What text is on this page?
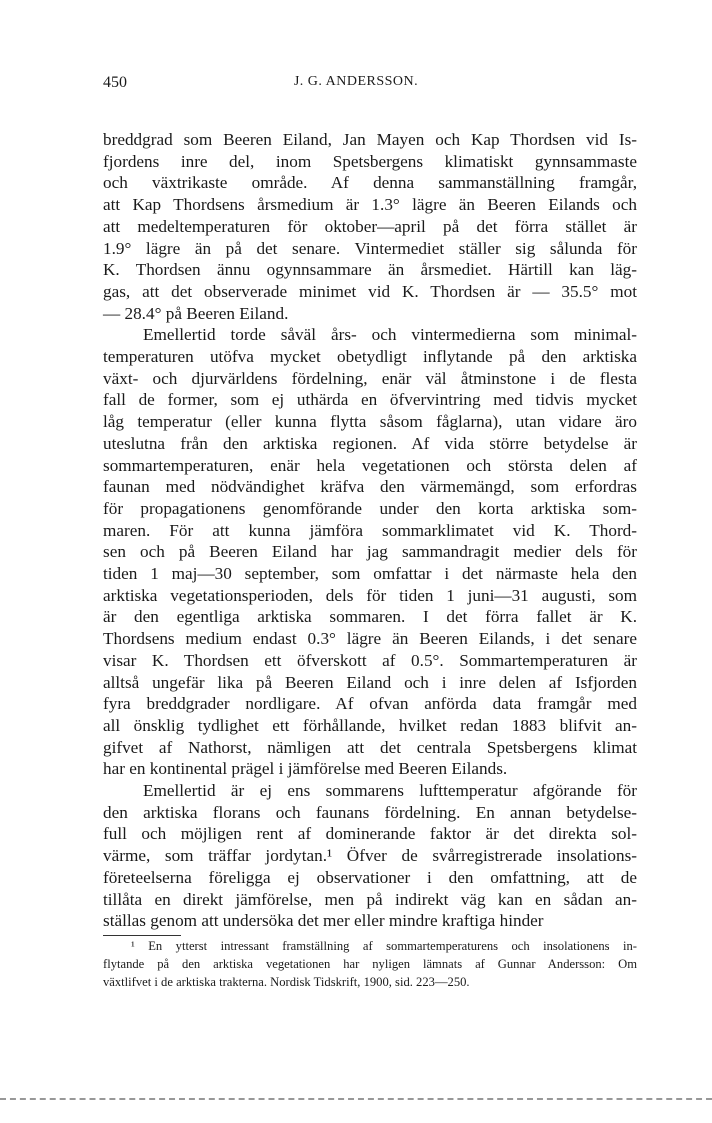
450	J. G. ANDERSSON.
breddgrad som Beeren Eiland, Jan Mayen och Kap Thordsen vid Is-
fjordens inre del, inom Spetsbergens klimatiskt gynnsammaste
och växtrikaste område. Af denna sammanställning framgår,
att Kap Thordsens årsmedium är 1.3° lägre än Beeren Eilands och
att medeltemperaturen för oktober—april på det förra stället är
1.9° lägre än på det senare. Vintermediet ställer sig sålunda för
K. Thordsen ännu ogynnsammare än årsmediet. Härtill kan läg-
gas, att det observerade minimet vid K. Thordsen är — 35.5° mot
— 28.4° på Beeren Eiland.
Emellertid torde såväl års- och vintermedierna som minimal-
temperaturen utöfva mycket obetydligt inflytande på den arktiska
växt- och djurvärldens fördelning, enär väl åtminstone i de flesta
fall de former, som ej uthärda en öfvervintring med tidvis mycket
låg temperatur (eller kunna flytta såsom fåglarna), utan vidare äro
uteslutna från den arktiska regionen. Af vida större betydelse är
sommartemperaturen, enär hela vegetationen och största delen af
faunan med nödvändighet kräfva den värmemängd, som erfordras
för propagationens genomförande under den korta arktiska som-
maren. För att kunna jämföra sommarklimatet vid K. Thord-
sen och på Beeren Eiland har jag sammandragit medier dels för
tiden 1 maj—30 september, som omfattar i det närmaste hela den
arktiska vegetationsperioden, dels för tiden 1 juni—31 augusti, som
är den egentliga arktiska sommaren. I det förra fallet är K.
Thordsens medium endast 0.3° lägre än Beeren Eilands, i det senare
visar K. Thordsen ett öfverskott af 0.5°. Sommartemperaturen är
alltså ungefär lika på Beeren Eiland och i inre delen af Isfjorden
fyra breddgrader nordligare. Af ofvan anförda data framgår med
all önsklig tydlighet ett förhållande, hvilket redan 1883 blifvit an-
gifvet af Nathorst, nämligen att det centrala Spetsbergens klimat
har en kontinental prägel i jämförelse med Beeren Eilands.
Emellertid är ej ens sommarens lufttemperatur afgörande för
den arktiska florans och faunans fördelning. En annan betydelse-
full och möjligen rent af dominerande faktor är det direkta sol-
värme, som träffar jordytan.¹ Öfver de svårregistrerade insolations-
företeelserna föreligga ej observationer i den omfattning, att de
tillåta en direkt jämförelse, men på indirekt väg kan en sådan an-
ställas genom att undersöka det mer eller mindre kraftiga hinder
¹ En ytterst intressant framställning af sommartemperaturens och insolationens in-
flytande på den arktiska vegetationen har nyligen lämnats af Gunnar Andersson: Om
växtlifvet i de arktiska trakterna. Nordisk Tidskrift, 1900, sid. 223—250.
